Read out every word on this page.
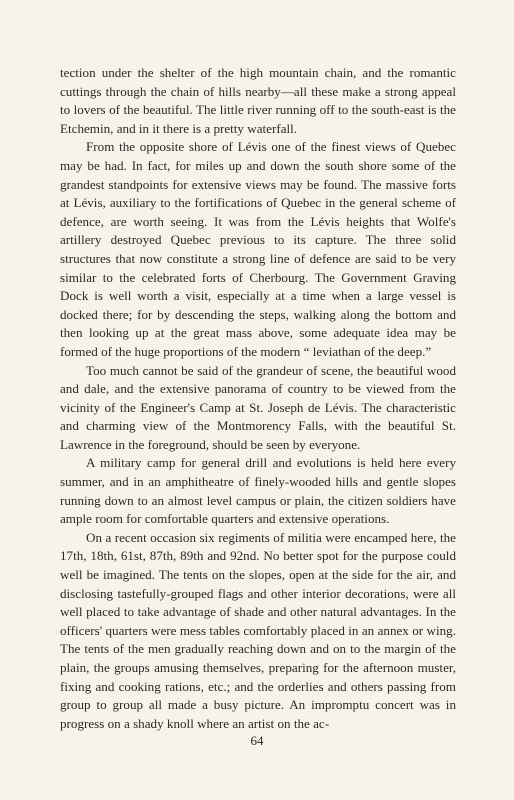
tection under the shelter of the high mountain chain, and the romantic cuttings through the chain of hills nearby—all these make a strong appeal to lovers of the beautiful. The little river running off to the south-east is the Etchemin, and in it there is a pretty waterfall.

From the opposite shore of Lévis one of the finest views of Quebec may be had. In fact, for miles up and down the south shore some of the grandest standpoints for extensive views may be found. The massive forts at Lévis, auxiliary to the fortifications of Quebec in the general scheme of defence, are worth seeing. It was from the Lévis heights that Wolfe's artillery destroyed Quebec previous to its capture. The three solid structures that now constitute a strong line of defence are said to be very similar to the celebrated forts of Cherbourg. The Government Graving Dock is well worth a visit, especially at a time when a large vessel is docked there; for by descending the steps, walking along the bottom and then looking up at the great mass above, some adequate idea may be formed of the huge proportions of the modern “ leviathan of the deep.”

Too much cannot be said of the grandeur of scene, the beautiful wood and dale, and the extensive panorama of country to be viewed from the vicinity of the Engineer's Camp at St. Joseph de Lévis. The characteristic and charming view of the Montmorency Falls, with the beautiful St. Lawrence in the foreground, should be seen by everyone.

A military camp for general drill and evolutions is held here every summer, and in an amphitheatre of finely-wooded hills and gentle slopes running down to an almost level campus or plain, the citizen soldiers have ample room for comfortable quarters and extensive operations.

On a recent occasion six regiments of militia were encamped here, the 17th, 18th, 61st, 87th, 89th and 92nd. No better spot for the purpose could well be imagined. The tents on the slopes, open at the side for the air, and disclosing tastefully-grouped flags and other interior decorations, were all well placed to take advantage of shade and other natural advantages. In the officers' quarters were mess tables comfortably placed in an annex or wing. The tents of the men gradually reaching down and on to the margin of the plain, the groups amusing themselves, preparing for the afternoon muster, fixing and cooking rations, etc.; and the orderlies and others passing from group to group all made a busy picture. An impromptu concert was in progress on a shady knoll where an artist on the ac-

64
